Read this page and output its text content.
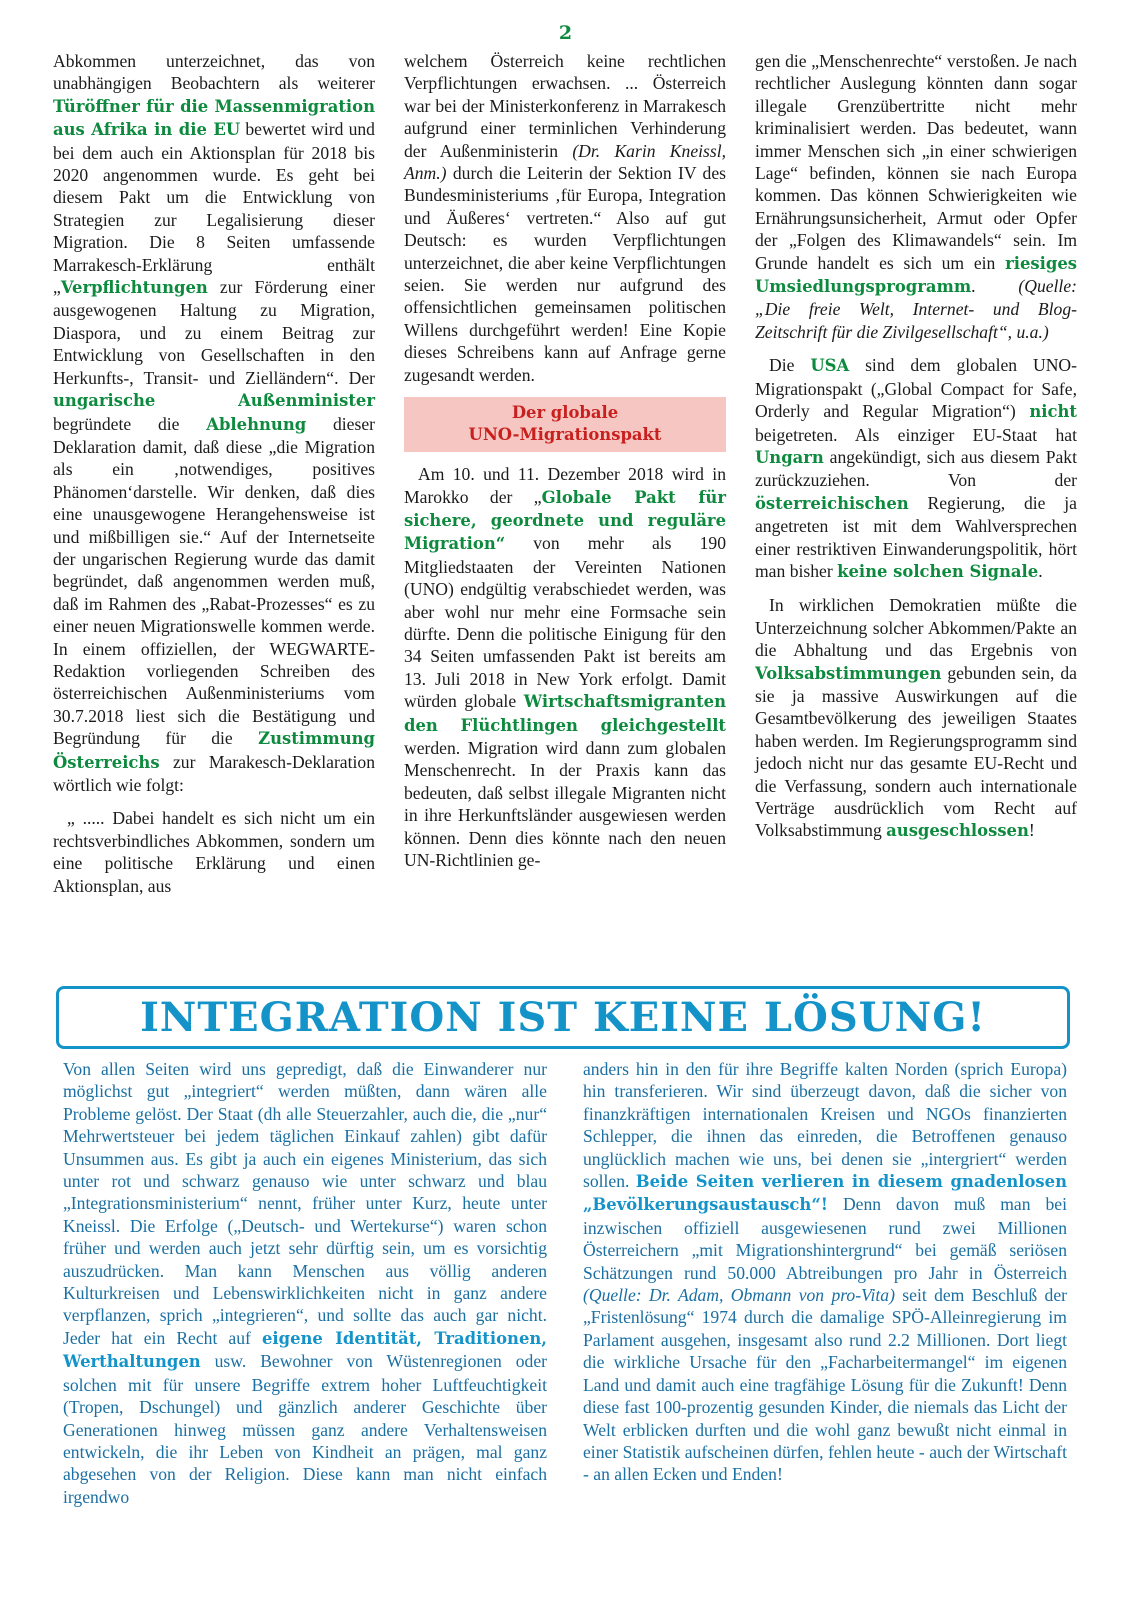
2

Abkommen unterzeichnet, das von unabhängigen Beobachtern als weiterer Türöffner für die Massenmigration aus Afrika in die EU bewertet wird und bei dem auch ein Aktionsplan für 2018 bis 2020 angenommen wurde. Es geht bei diesem Pakt um die Entwicklung von Strategien zur Legalisierung dieser Migration. Die 8 Seiten umfassende Marrakesch-Erklärung enthält „Verpflichtungen zur Förderung einer ausgewogenen Haltung zu Migration, Diaspora, und zu einem Beitrag zur Entwicklung von Gesellschaften in den Herkunfts-, Transit- und Zielländern“. Der ungarische Außenminister begründete die Ablehnung dieser Deklaration damit, daß diese „die Migration als ein ‚notwendiges, positives Phänomen‘darstelle. Wir denken, daß dies eine unausgewogene Herangehensweise ist und mißbilligen sie.“ Auf der Internetseite der ungarischen Regierung wurde das damit begründet, daß angenommen werden muß, daß im Rahmen des „Rabat-Prozesses“ es zu einer neuen Migrationswelle kommen werde. In einem offiziellen, der WEGWARTE-Redaktion vorliegenden Schreiben des österreichischen Außenministeriums vom 30.7.2018 liest sich die Bestätigung und Begründung für die Zustimmung Österreichs zur Marakesch-Deklaration wörtlich wie folgt:

„ ..... Dabei handelt es sich nicht um ein rechtsverbindliches Abkommen, sondern um eine politische Erklärung und einen Aktionsplan, aus

welchem Österreich keine rechtlichen Verpflichtungen erwachsen. ... Österreich war bei der Ministerkonferenz in Marrakesch aufgrund einer terminlichen Verhinderung der Außenministerin (Dr. Karin Kneissl, Anm.) durch die Leiterin der Sektion IV des Bundesministeriums ‚für Europa, Integration und Äußeres‘ vertreten.“ Also auf gut Deutsch: es wurden Verpflichtungen unterzeichnet, die aber keine Verpflichtungen seien. Sie werden nur aufgrund des offensichtlichen gemeinsamen politischen Willens durchgeführt werden! Eine Kopie dieses Schreibens kann auf Anfrage gerne zugesandt werden.

Der globale
UNO-Migrationspakt

Am 10. und 11. Dezember 2018 wird in Marokko der „Globale Pakt für sichere, geordnete und reguläre Migration“ von mehr als 190 Mitgliedstaaten der Vereinten Nationen (UNO) endgültig verabschiedet werden, was aber wohl nur mehr eine Formsache sein dürfte. Denn die politische Einigung für den 34 Seiten umfassenden Pakt ist bereits am 13. Juli 2018 in New York erfolgt. Damit würden globale Wirtschaftsmigranten den Flüchtlingen gleichgestellt werden. Migration wird dann zum globalen Menschenrecht. In der Praxis kann das bedeuten, daß selbst illegale Migranten nicht in ihre Herkunftsländer ausgewiesen werden können. Denn dies könnte nach den neuen UN-Richtlinien ge-

gen die „Menschenrechte“ verstoßen. Je nach rechtlicher Auslegung könnten dann sogar illegale Grenzübertritte nicht mehr kriminalisiert werden. Das bedeutet, wann immer Menschen sich „in einer schwierigen Lage“ befinden, können sie nach Europa kommen. Das können Schwierigkeiten wie Ernährungsunsicherheit, Armut oder Opfer der „Folgen des Klimawandels“ sein. Im Grunde handelt es sich um ein riesiges Umsiedlungsprogramm. (Quelle: „Die freie Welt, Internet- und Blog-Zeitschrift für die Zivilgesellschaft“, u.a.)

Die USA sind dem globalen UNO-Migrationspakt („Global Compact for Safe, Orderly and Regular Migration“) nicht beigetreten. Als einziger EU-Staat hat Ungarn angekündigt, sich aus diesem Pakt zurückzuziehen. Von der österreichischen Regierung, die ja angetreten ist mit dem Wahlversprechen einer restriktiven Einwanderungspolitik, hört man bisher keine solchen Signale.

In wirklichen Demokratien müßte die Unterzeichnung solcher Abkommen/Pakte an die Abhaltung und das Ergebnis von Volksabstimmungen gebunden sein, da sie ja massive Auswirkungen auf die Gesamtbevölkerung des jeweiligen Staates haben werden. Im Regierungsprogramm sind jedoch nicht nur das gesamte EU-Recht und die Verfassung, sondern auch internationale Verträge ausdrücklich vom Recht auf Volksabstimmung ausgeschlossen!

INTEGRATION IST KEINE LÖSUNG!

Von allen Seiten wird uns gepredigt, daß die Einwanderer nur möglichst gut „integriert“ werden müßten, dann wären alle Probleme gelöst. Der Staat (dh alle Steuerzahler, auch die, die „nur“ Mehrwertsteuer bei jedem täglichen Einkauf zahlen) gibt dafür Unsummen aus. Es gibt ja auch ein eigenes Ministerium, das sich unter rot und schwarz genauso wie unter schwarz und blau „Integrationsministerium“ nennt, früher unter Kurz, heute unter Kneissl. Die Erfolge („Deutsch- und Wertekurse“) waren schon früher und werden auch jetzt sehr dürftig sein, um es vorsichtig auszudrücken. Man kann Menschen aus völlig anderen Kulturkreisen und Lebenswirklichkeiten nicht in ganz andere verpflanzen, sprich „integrieren“, und sollte das auch gar nicht. Jeder hat ein Recht auf eigene Identität, Traditionen, Werthaltungen usw. Bewohner von Wüstenregionen oder solchen mit für unsere Begriffe extrem hoher Luftfeuchtigkeit (Tropen, Dschungel) und gänzlich anderer Geschichte über Generationen hinweg müssen ganz andere Verhaltensweisen entwickeln, die ihr Leben von Kindheit an prägen, mal ganz abgesehen von der Religion. Diese kann man nicht einfach irgendwo

anders hin in den für ihre Begriffe kalten Norden (sprich Europa) hin transferieren. Wir sind überzeugt davon, daß die sicher von finanzkräftigen internationalen Kreisen und NGOs finanzierten Schlepper, die ihnen das einreden, die Betroffenen genauso unglücklich machen wie uns, bei denen sie „intergriert“ werden sollen. Beide Seiten verlieren in diesem gnadenlosen „Bevölkerungsaustausch“! Denn davon muß man bei inzwischen offiziell ausgewiesenen rund zwei Millionen Österreichern „mit Migrationshintergrund“ bei gemäß seriösen Schätzungen rund 50.000 Abtreibungen pro Jahr in Österreich (Quelle: Dr. Adam, Obmann von pro-Vita) seit dem Beschluß der „Fristenlösung“ 1974 durch die damalige SPÖ-Alleinregierung im Parlament ausgehen, insgesamt also rund 2.2 Millionen. Dort liegt die wirkliche Ursache für den „Facharbeitermangel“ im eigenen Land und damit auch eine tragfähige Lösung für die Zukunft! Denn diese fast 100-prozentig gesunden Kinder, die niemals das Licht der Welt erblicken durften und die wohl ganz bewußt nicht einmal in einer Statistik aufscheinen dürfen, fehlen heute - auch der Wirtschaft - an allen Ecken und Enden!
